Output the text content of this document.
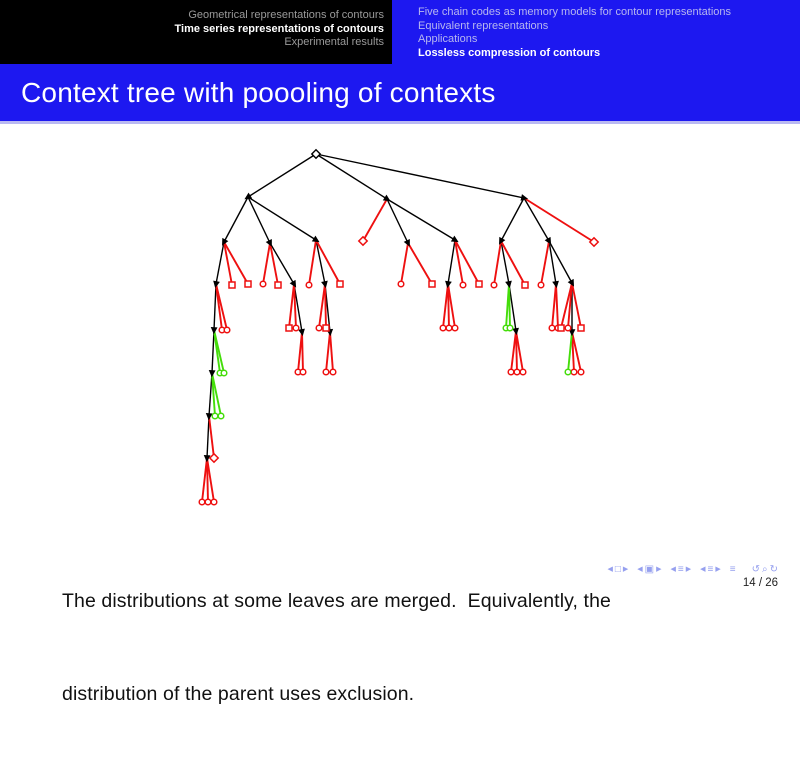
Geometrical representations of contours
Time series representations of contours
Experimental results
Five chain codes as memory models for contour representations
Equivalent representations
Applications
Lossless compression of contours
Context tree with poooling of contexts

The distributions at some leaves are merged.  Equivalently, the

distribution of the parent uses exclusion.

◀ □ ▶ ◀ ▣ ▶ ◀ ≡ ▶ ◀ ≡ ▶ ≡ ↺ ⌕ ↻
14 / 26
